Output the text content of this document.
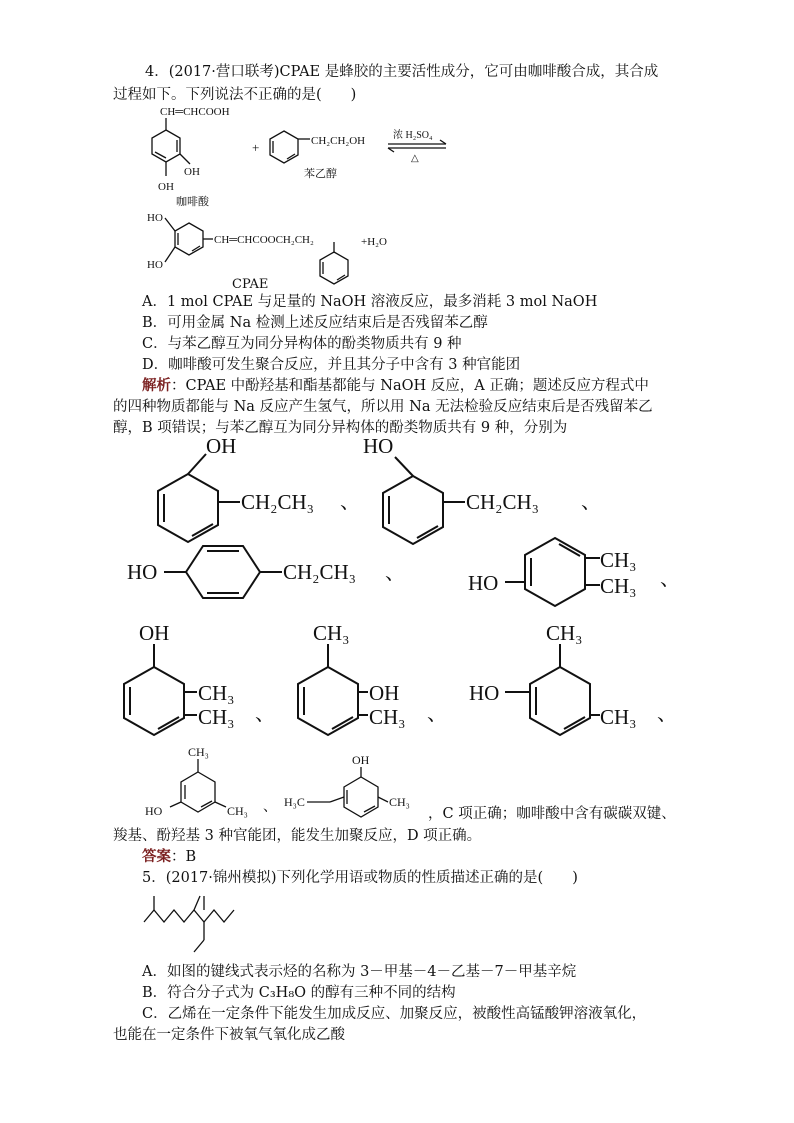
4．(2017·营口联考)CPAE 是蜂胶的主要活性成分，它可由咖啡酸合成，其合成
过程如下。下列说法不正确的是(　　)
CH═CHCOOH
OH
OH
咖啡酸
+	CH₂CH₂OH
苯乙醇
浓 H₂SO₄
△
HO
HO
CH═CHCOOCH₂CH₂	+H₂O
CPAE
A．1 mol CPAE 与足量的 NaOH 溶液反应，最多消耗 3 mol NaOH
B．可用金属 Na 检测上述反应结束后是否残留苯乙醇
C．与苯乙醇互为同分异构体的酚类物质共有 9 种
D．咖啡酸可发生聚合反应，并且其分子中含有 3 种官能团
解析：CPAE 中酚羟基和酯基都能与 NaOH 反应，A 正确；题述反应方程式中
的四种物质都能与 Na 反应产生氢气，所以用 Na 无法检验反应结束后是否残留苯乙
醇，B 项错误；与苯乙醇互为同分异构体的酚类物质共有 9 种，分别为
OH
CH₂CH₃ 、
HO
CH₂CH₃ 、
HO	CH₂CH₃ 、	HO
CH₃
CH₃ 、
OH
CH₃
CH₃ 、
CH₃
OH
CH₃ 、
CH₃
HO
CH₃ 、
CH₃
HO	CH₃ 、
OH
H₃C	CH₃
，C 项正确；咖啡酸中含有碳碳双键、
羧基、酚羟基 3 种官能团，能发生加聚反应，D 项正确。
答案：B
5．(2017·锦州模拟)下列化学用语或物质的性质描述正确的是(　　)
A．如图的键线式表示烃的名称为 3－甲基－4－乙基－7－甲基辛烷
B．符合分子式为 C₃H₈O 的醇有三种不同的结构
C．乙烯在一定条件下能发生加成反应、加聚反应，被酸性高锰酸钾溶液氧化，
也能在一定条件下被氧气氧化成乙酸
